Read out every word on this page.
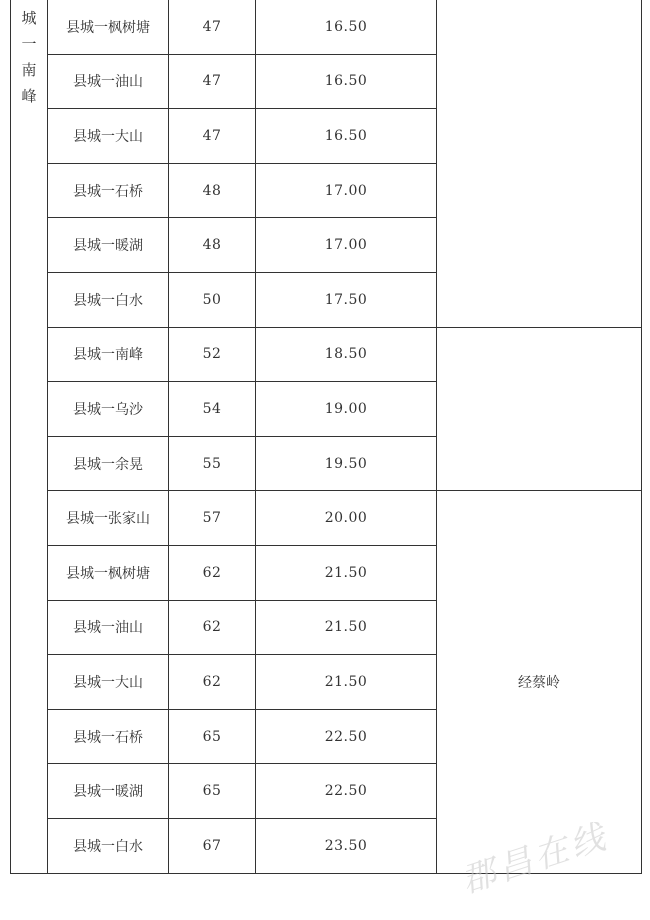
城
一
南
峰	县城一枫树塘	47	16.50	
	县城一油山	47	16.50	
	县城一大山	47	16.50	
	县城一石桥	48	17.00	
	县城一暖湖	48	17.00	
	县城一白水	50	17.50	
	县城一南峰	52	18.50	
	县城一乌沙	54	19.00	
	县城一余晃	55	19.50	
	县城一张家山	57	20.00	经蔡岭
	县城一枫树塘	62	21.50	
	县城一油山	62	21.50	
	县城一大山	62	21.50	
	县城一石桥	65	22.50	
	县城一暖湖	65	22.50	
	县城一白水	67	23.50		郡昌在线
